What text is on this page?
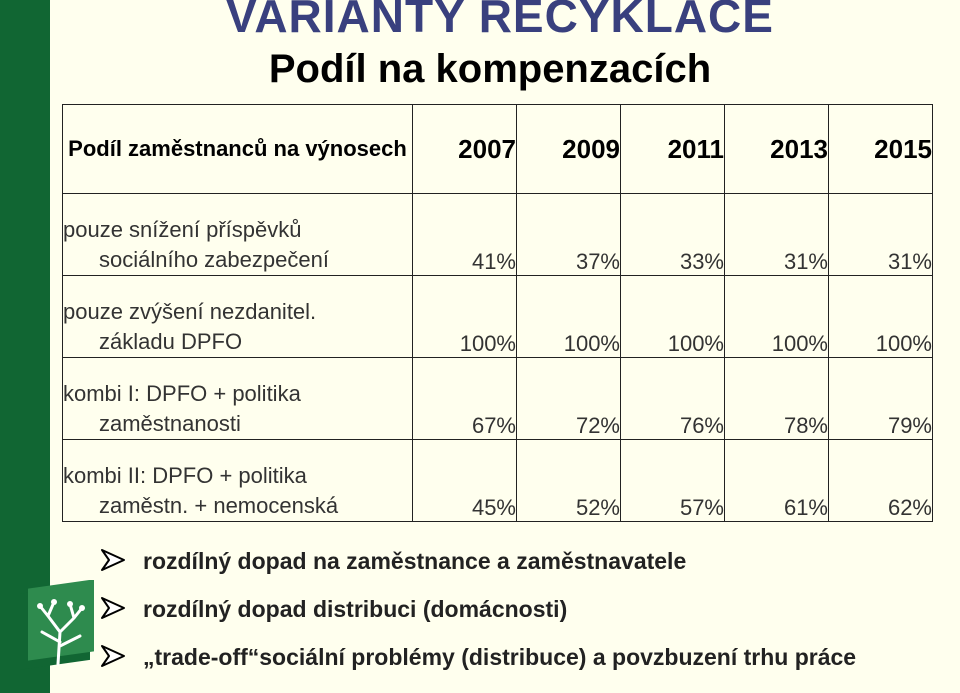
VARIANTY RECYKLACE
Podíl na kompenzacích
Podíl zaměstnanců na výnosech	2007	2009	2011	2013	2015

pouze snížení příspěvků
sociálního zabezpečení	41%	37%	33%	31%	31%

pouze zvýšení nezdanitel.
základu DPFO	100%	100%	100%	100%	100%

kombi I: DPFO + politika
zaměstnanosti	67%	72%	76%	78%	79%

kombi II: DPFO + politika
zaměstn. + nemocenská	45%	52%	57%	61%	62%
rozdílný dopad na zaměstnance a zaměstnavatele
rozdílný dopad distribuci (domácnosti)
„trade-off“sociální problémy (distribuce) a povzbuzení trhu práce
